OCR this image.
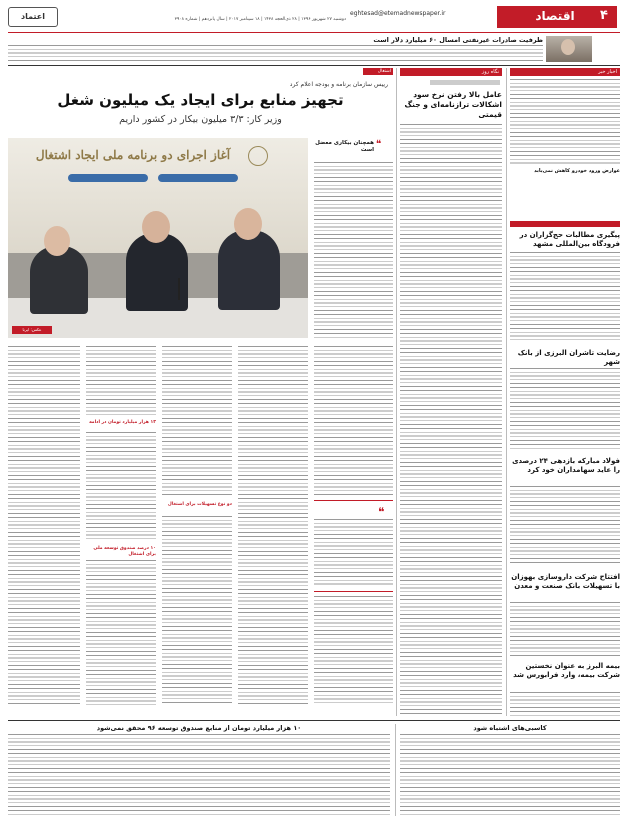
اقتصاد	۴
eghtesad@etemadnewspaper.ir
دوشنبه ۲۷ شهریور ۱۳۹۶ | ۲۸ ذی‌الحجه ۱۴۳۸ | ۱۸ سپتامبر ۲۰۱۷ | سال پانزدهم | شماره ۳۹۰۸
اعتماد
ظرفیت صادرات غیرنفتی امسال ۶۰ میلیارد دلار است
اخبار خبر
عوارض ورود خودرو کاهش نمی‌یابد
پیگیری مطالبات حج‌گزاران در فرودگاه بین‌المللی مشهد
رضایت تاشران البرزی از بانک شهر
فولاد مبارکه بازدهی ۲۴ درصدی را عاید سهامداران خود کرد
افتتاح شرکت داروسازی بهوزان با تسهیلات بانک صنعت و معدن
بیمه البرز به عنوان نخستین شرکت بیمه، وارد فرابورس شد
نگاه روز
عامل بالا رفتن نرخ سود اشکالات ترازنامه‌ای و جنگ قیمتی
اشتغال
رییس سازمان برنامه و بودجه اعلام کرد
تجهیز منابع برای ایجاد یک میلیون شغل
وزیر کار: ۳/۳ میلیون بیکار در کشور داریم
آغاز اجرای دو برنامه ملی ایجاد اشتغال
عکس: ایرنا
❝
همچنان بیکاری معضل است
❝
دو نوع تسهیلات برای اشتغال
۱۳ هزار میلیارد تومان در ادامه
۱۰ درصد صندوق توسعه ملی برای اشتغال
کاسبی‌های اشتباه شود
۱۰ هزار میلیارد تومان از منابع صندوق توسعه ۹۶ محقق نمی‌شود
